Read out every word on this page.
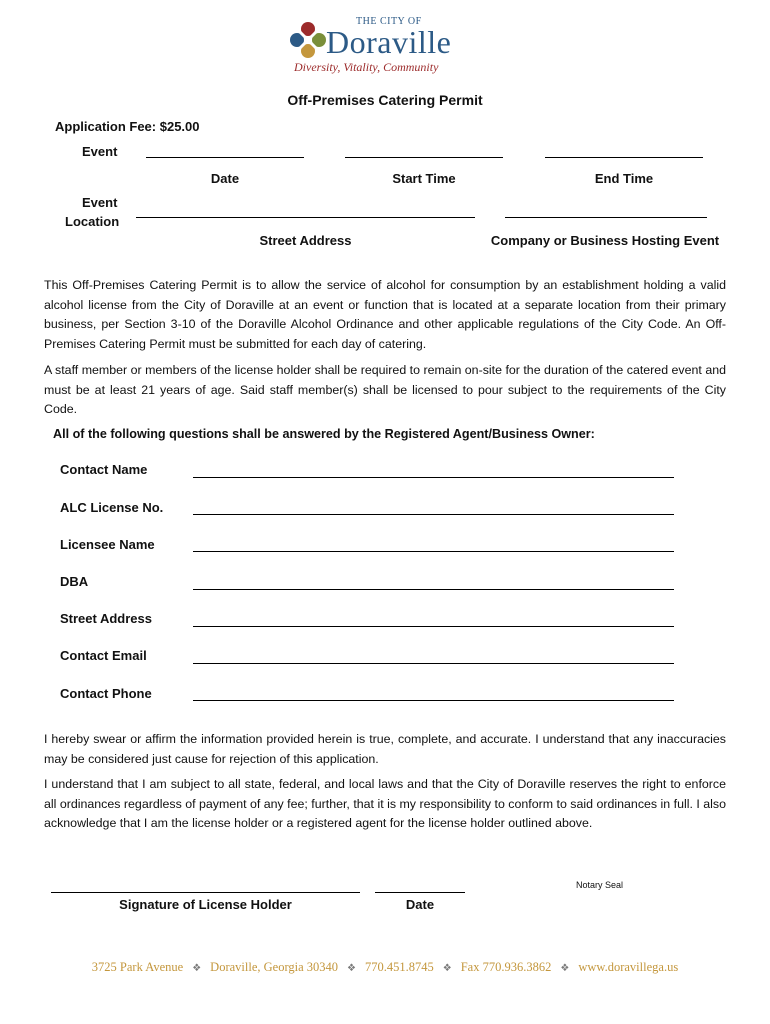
THE CITY OF
Doraville
Diversity, Vitality, Community
Off-Premises Catering Permit
Application Fee: $25.00
Event
Date	Start Time	End Time
Event
Location
Street Address	Company or Business Hosting Event
This Off-Premises Catering Permit is to allow the service of alcohol for consumption by an establishment holding a valid alcohol license from the City of Doraville at an event or function that is located at a separate location from their primary business, per Section 3-10 of the Doraville Alcohol Ordinance and other applicable regulations of the City Code. An Off-Premises Catering Permit must be submitted for each day of catering.
A staff member or members of the license holder shall be required to remain on-site for the duration of the catered event and must be at least 21 years of age. Said staff member(s) shall be licensed to pour subject to the requirements of the City Code.
All of the following questions shall be answered by the Registered Agent/Business Owner:
Contact Name
ALC License No.
Licensee Name
DBA
Street Address
Contact Email
Contact Phone
I hereby swear or affirm the information provided herein is true, complete, and accurate. I understand that any inaccuracies may be considered just cause for rejection of this application.
I understand that I am subject to all state, federal, and local laws and that the City of Doraville reserves the right to enforce all ordinances regardless of payment of any fee; further, that it is my responsibility to conform to said ordinances in full. I also acknowledge that I am the license holder or a registered agent for the license holder outlined above.
Notary Seal
Signature of License Holder	Date
3725 Park Avenue ❖ Doraville, Georgia 30340 ❖ 770.451.8745 ❖ Fax 770.936.3862 ❖ www.doravillega.us
